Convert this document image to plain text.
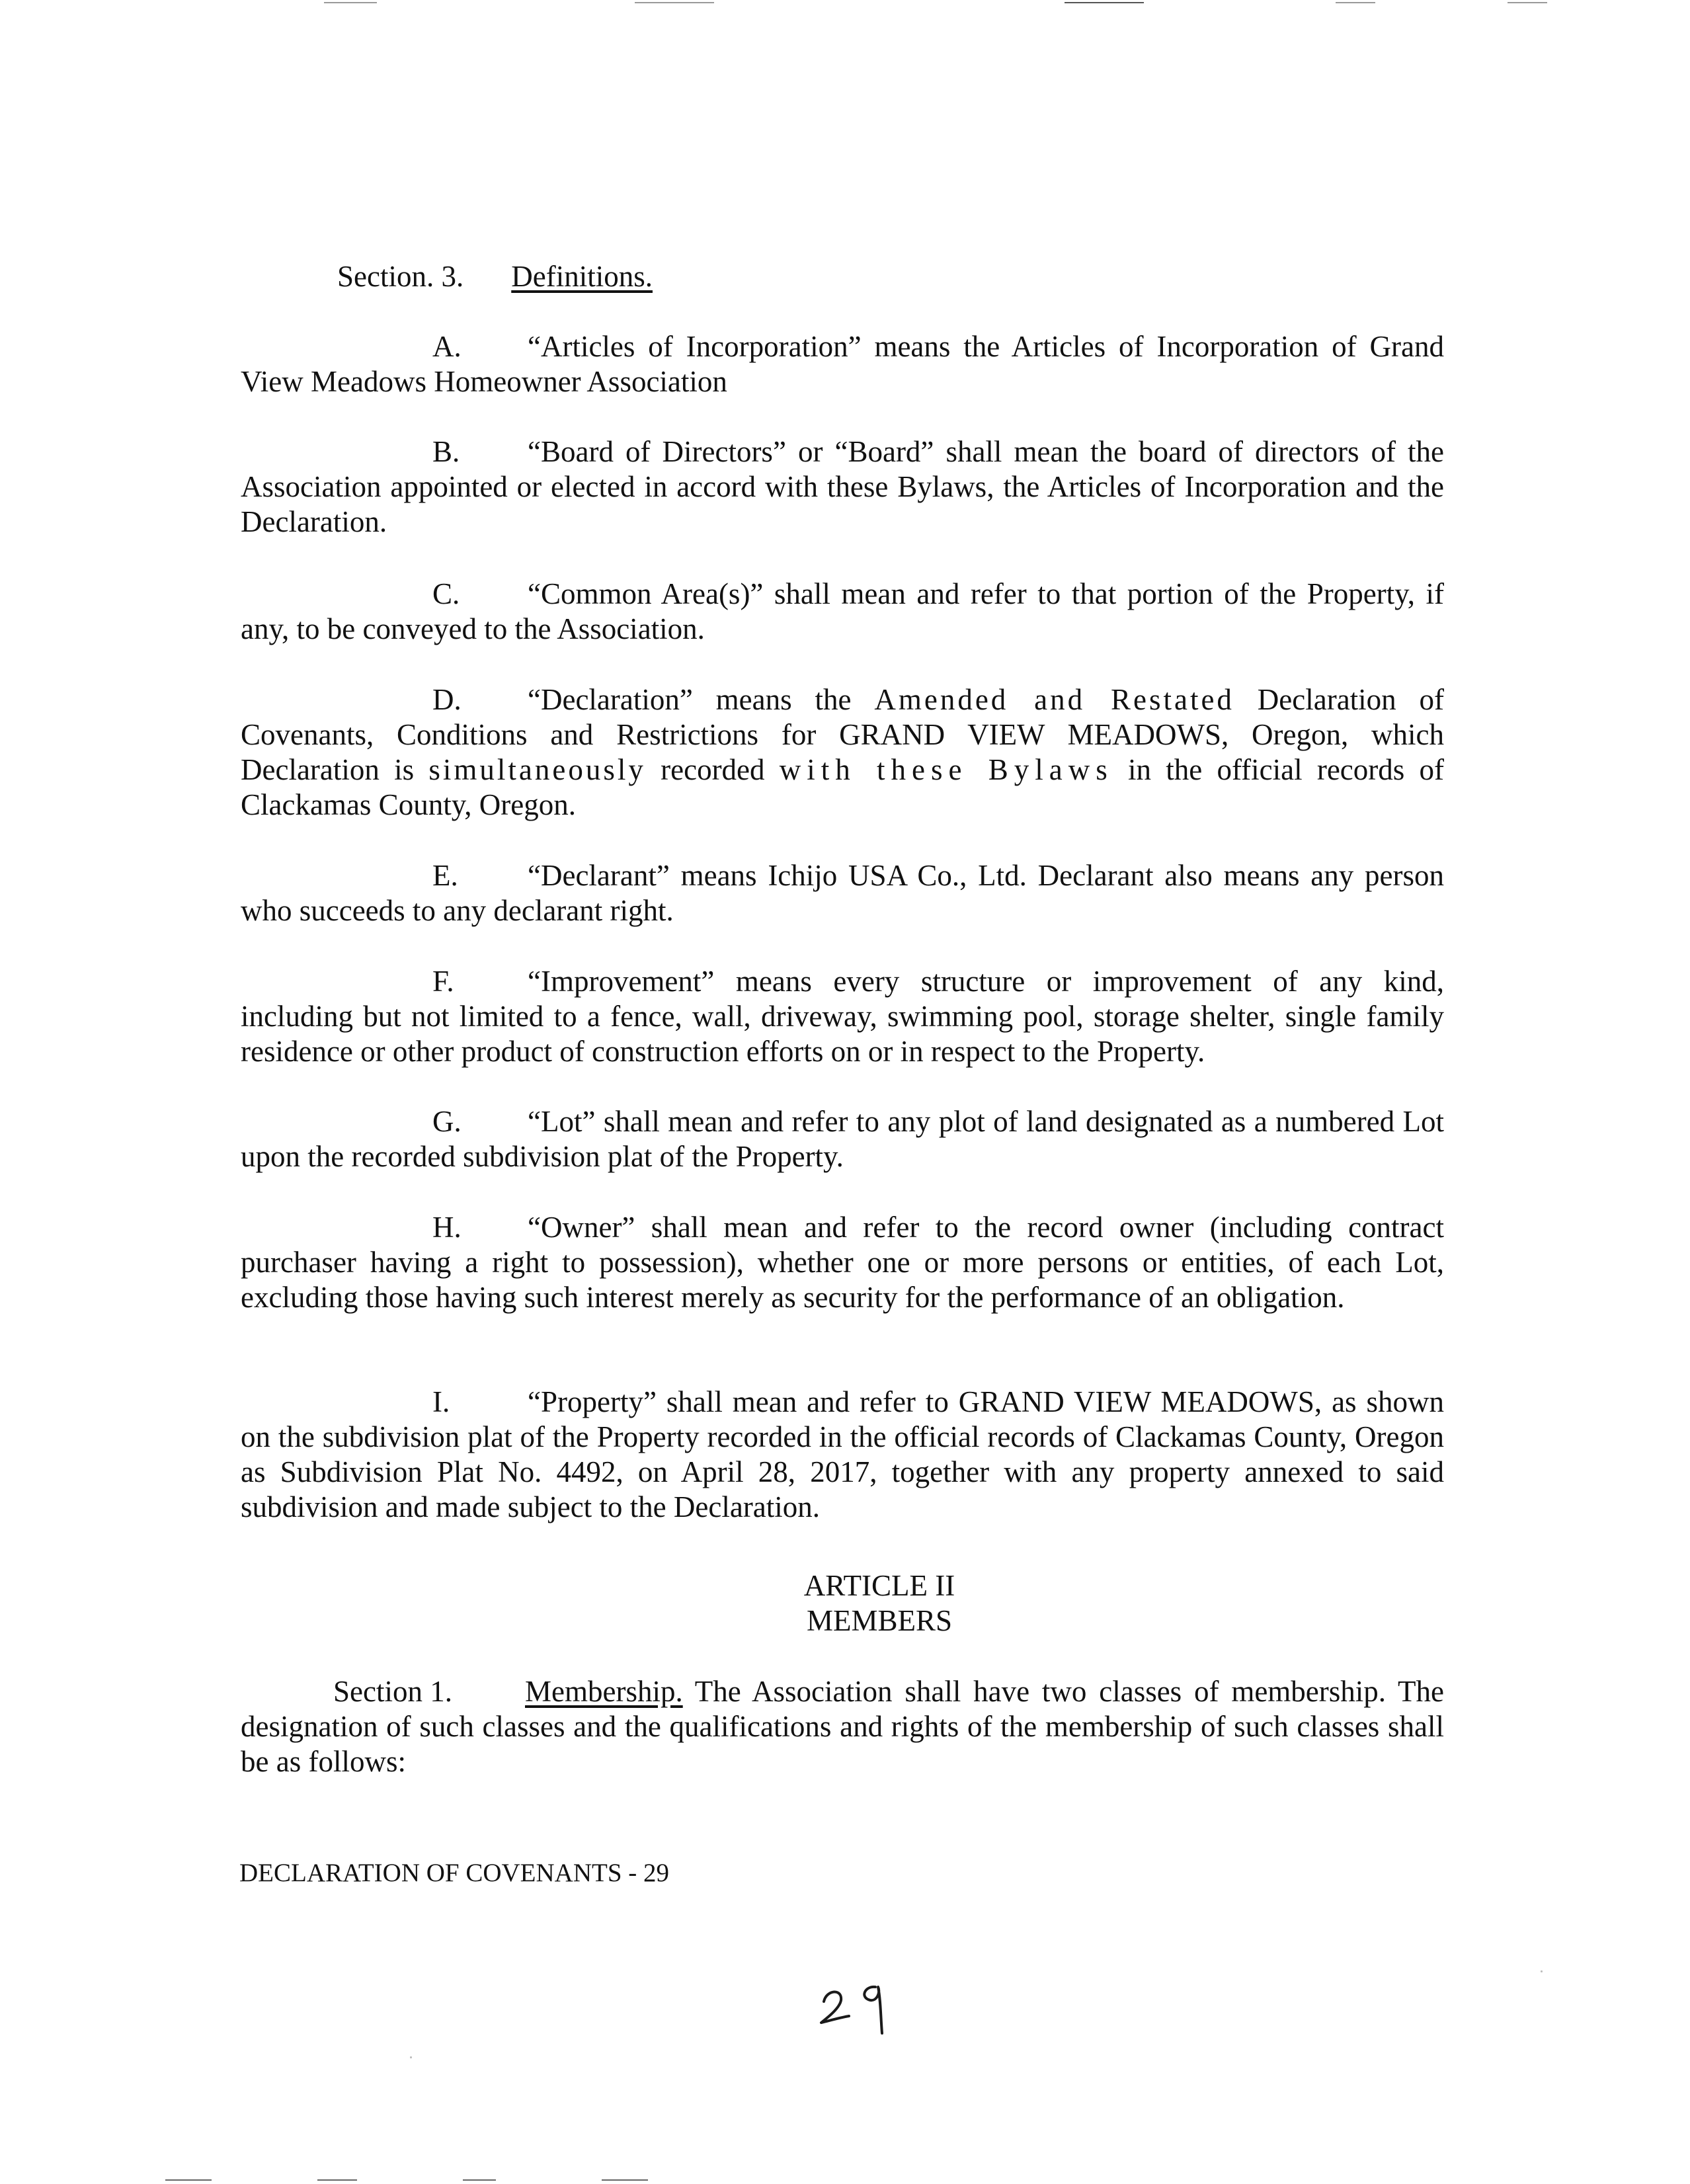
Section. 3. Definitions.

A. “Articles of Incorporation” means the Articles of Incorporation of Grand View Meadows Homeowner Association

B. “Board of Directors” or “Board” shall mean the board of directors of the Association appointed or elected in accord with these Bylaws, the Articles of Incorporation and the Declaration.

C. “Common Area(s)” shall mean and refer to that portion of the Property, if any, to be conveyed to the Association.

D. “Declaration” means the Amended and Restated Declaration of Covenants, Conditions and Restrictions for GRAND VIEW MEADOWS, Oregon, which Declaration is simultaneously recorded with these Bylaws in the official records of Clackamas County, Oregon.

E. “Declarant” means Ichijo USA Co., Ltd. Declarant also means any person who succeeds to any declarant right.

F. “Improvement” means every structure or improvement of any kind, including but not limited to a fence, wall, driveway, swimming pool, storage shelter, single family residence or other product of construction efforts on or in respect to the Property.

G. “Lot” shall mean and refer to any plot of land designated as a numbered Lot upon the recorded subdivision plat of the Property.

H. “Owner” shall mean and refer to the record owner (including contract purchaser having a right to possession), whether one or more persons or entities, of each Lot, excluding those having such interest merely as security for the performance of an obligation.

I.	“Property” shall mean and refer to GRAND VIEW MEADOWS, as shown on the subdivision plat of the Property recorded in the official records of Clackamas County, Oregon as Subdivision Plat No. 4492, on April 28, 2017, together with any property annexed to said subdivision and made subject to the Declaration.

ARTICLE II
MEMBERS

Section 1. Membership. The Association shall have two classes of membership. The designation of such classes and the qualifications and rights of the membership of such classes shall be as follows:

DECLARATION OF COVENANTS - 29
